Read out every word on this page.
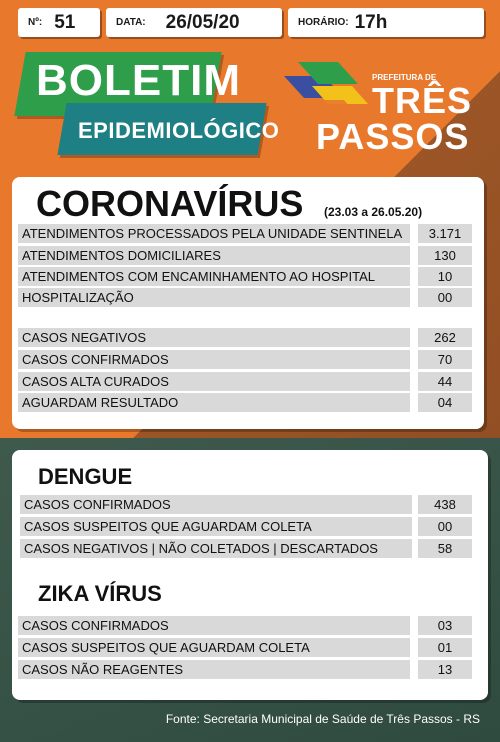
Nº: 51	DATA: 26/05/20	HORÁRIO: 17h
BOLETIM
EPIDEMIOLÓGICO
PREFEITURA DE
TRÊS
PASSOS
CORONAVÍRUS (23.03 a 26.05.20)
ATENDIMENTOS PROCESSADOS PELA UNIDADE SENTINELA	3.171
ATENDIMENTOS DOMICILIARES	130
ATENDIMENTOS COM ENCAMINHAMENTO AO HOSPITAL	10
HOSPITALIZAÇÃO	00
CASOS NEGATIVOS	262
CASOS CONFIRMADOS	70
CASOS ALTA CURADOS	44
AGUARDAM RESULTADO	04
DENGUE
CASOS CONFIRMADOS	438
CASOS SUSPEITOS QUE AGUARDAM COLETA	00
CASOS NEGATIVOS | NÃO COLETADOS | DESCARTADOS	58
ZIKA VÍRUS
CASOS CONFIRMADOS	03
CASOS SUSPEITOS QUE AGUARDAM COLETA	01
CASOS NÃO REAGENTES	13
Fonte: Secretaria Municipal de Saúde de Três Passos - RS
